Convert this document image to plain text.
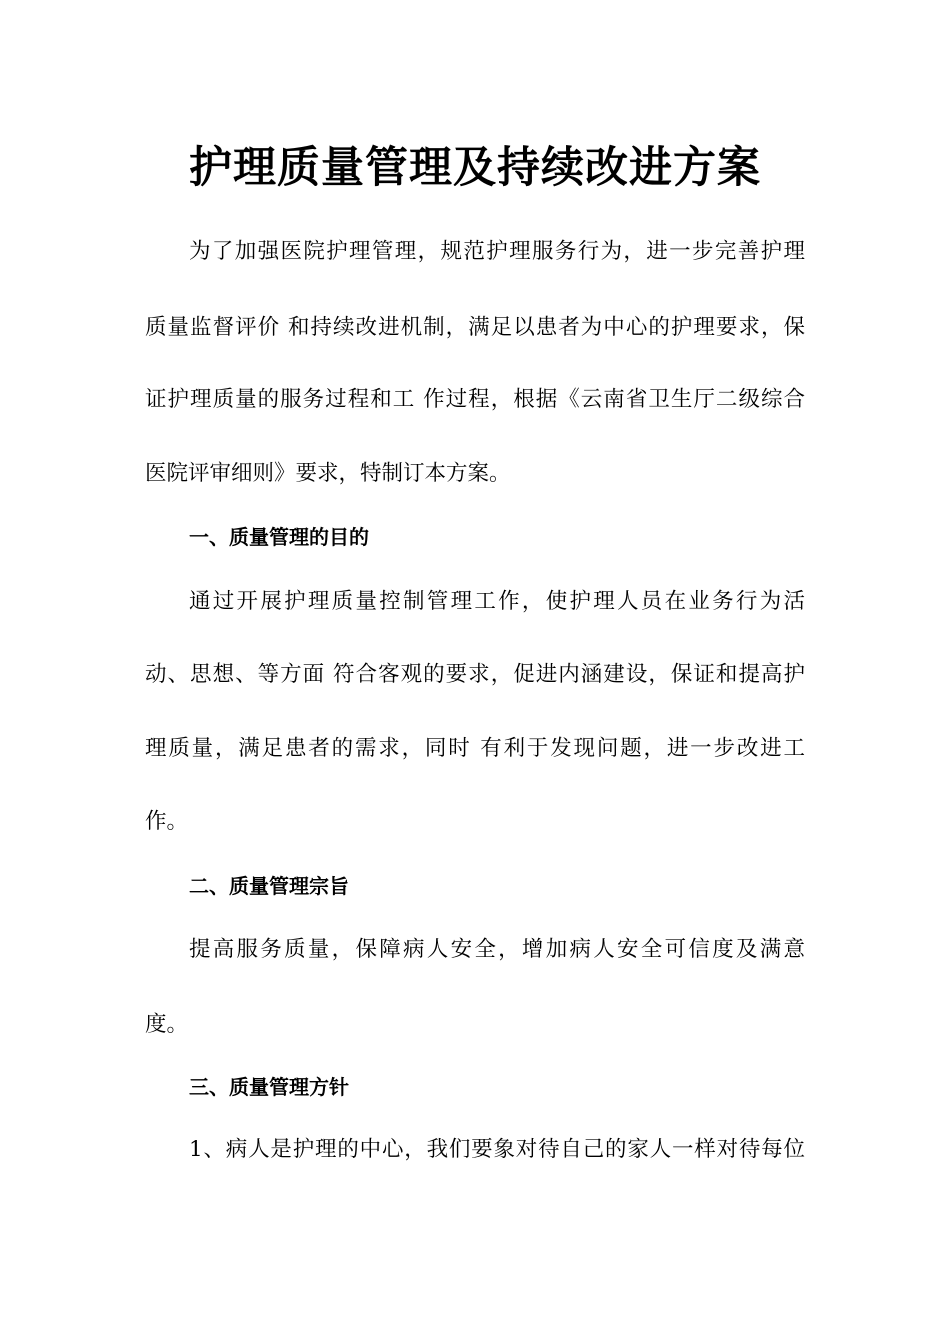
护理质量管理及持续改进方案
为了加强医院护理管理，规范护理服务行为，进一步完善护理
质量监督评价 和持续改进机制，满足以患者为中心的护理要求，保
证护理质量的服务过程和工 作过程，根据《云南省卫生厅二级综合
医院评审细则》要求，特制订本方案。
一、质量管理的目的
通过开展护理质量控制管理工作，使护理人员在业务行为活
动、思想、等方面 符合客观的要求，促进内涵建设，保证和提高护
理质量，满足患者的需求，同时 有利于发现问题，进一步改进工
作。
二、质量管理宗旨
提高服务质量，保障病人安全，增加病人安全可信度及满意
度。
三、质量管理方针
1、病人是护理的中心，我们要象对待自己的家人一样对待每位
